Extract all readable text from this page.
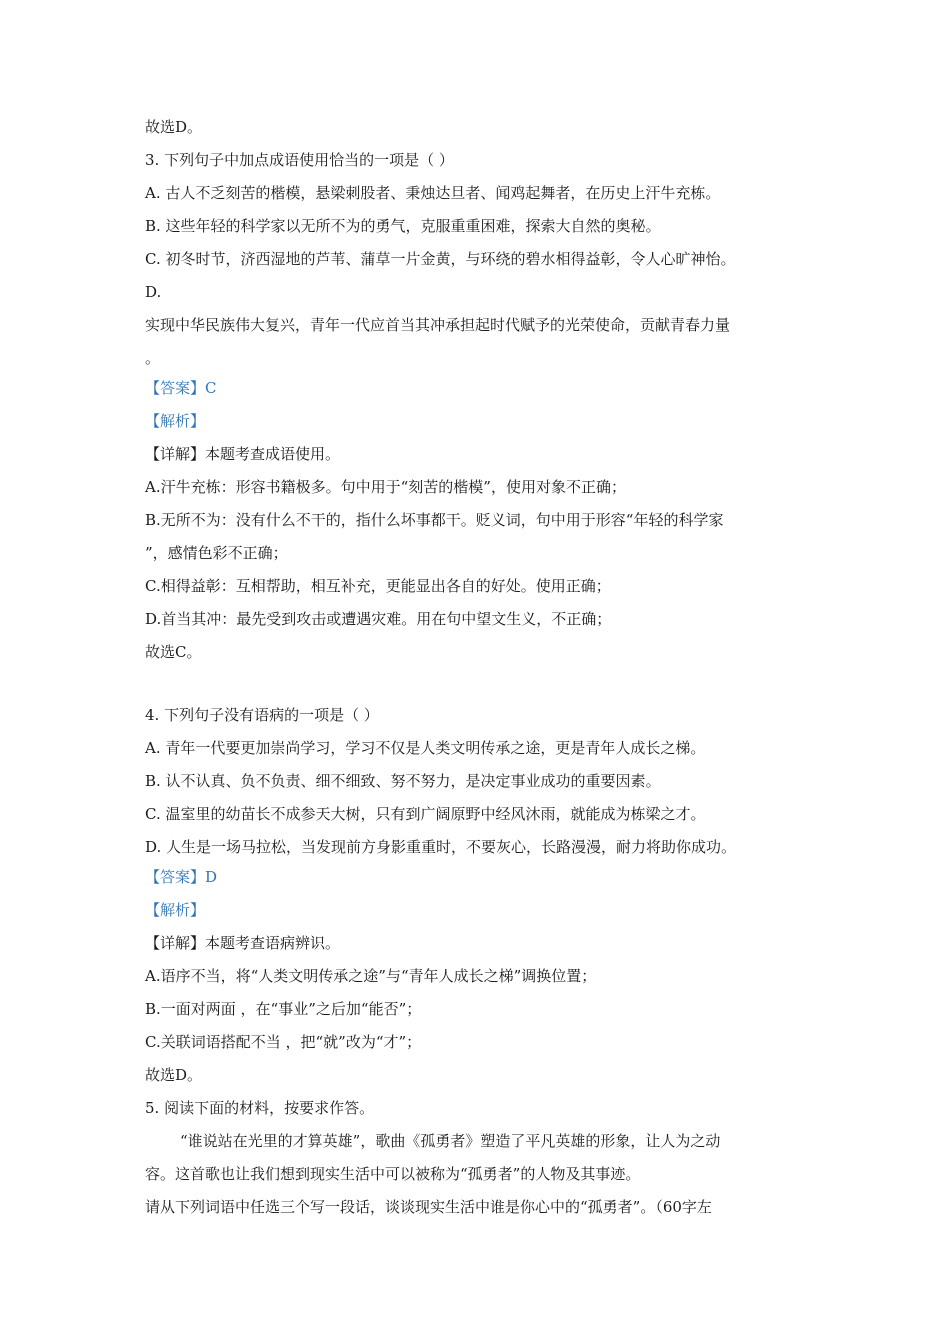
故选D。
3. 下列句子中加点成语使用恰当的一项是（ ）
A. 古人不乏刻苦的楷模，悬梁刺股者、秉烛达旦者、闻鸡起舞者，在历史上汗牛充栋。
B. 这些年轻的科学家以无所不为的勇气，克服重重困难，探索大自然的奥秘。
C. 初冬时节，济西湿地的芦苇、蒲草一片金黄，与环绕的碧水相得益彰，令人心旷神怡。
D.
实现中华民族伟大复兴，青年一代应首当其冲承担起时代赋予的光荣使命，贡献青春力量
。
【答案】C
【解析】
【详解】本题考查成语使用。
A.汗牛充栋：形容书籍极多。句中用于“刻苦的楷模”，使用对象不正确；
B.无所不为：没有什么不干的，指什么坏事都干。贬义词，句中用于形容“年轻的科学家
”，感情色彩不正确；
C.相得益彰：互相帮助，相互补充，更能显出各自的好处。使用正确；
D.首当其冲：最先受到攻击或遭遇灾难。用在句中望文生义，不正确；
故选C。
4. 下列句子没有语病的一项是（ ）
A. 青年一代要更加崇尚学习，学习不仅是人类文明传承之途，更是青年人成长之梯。
B. 认不认真、负不负责、细不细致、努不努力，是决定事业成功的重要因素。
C. 温室里的幼苗长不成参天大树，只有到广阔原野中经风沐雨，就能成为栋梁之才。
D. 人生是一场马拉松，当发现前方身影重重时，不要灰心，长路漫漫，耐力将助你成功。
【答案】D
【解析】
【详解】本题考查语病辨识。
A.语序不当，将“人类文明传承之途”与“青年人成长之梯”调换位置；
B.一面对两面 ，在“事业”之后加“能否”；
C.关联词语搭配不当 ，把“就”改为“才”；
故选D。
5. 阅读下面的材料，按要求作答。
“谁说站在光里的才算英雄”，歌曲《孤勇者》塑造了平凡英雄的形象，让人为之动
容。这首歌也让我们想到现实生活中可以被称为“孤勇者”的人物及其事迹。
请从下列词语中任选三个写一段话，谈谈现实生活中谁是你心中的“孤勇者”。（60字左
